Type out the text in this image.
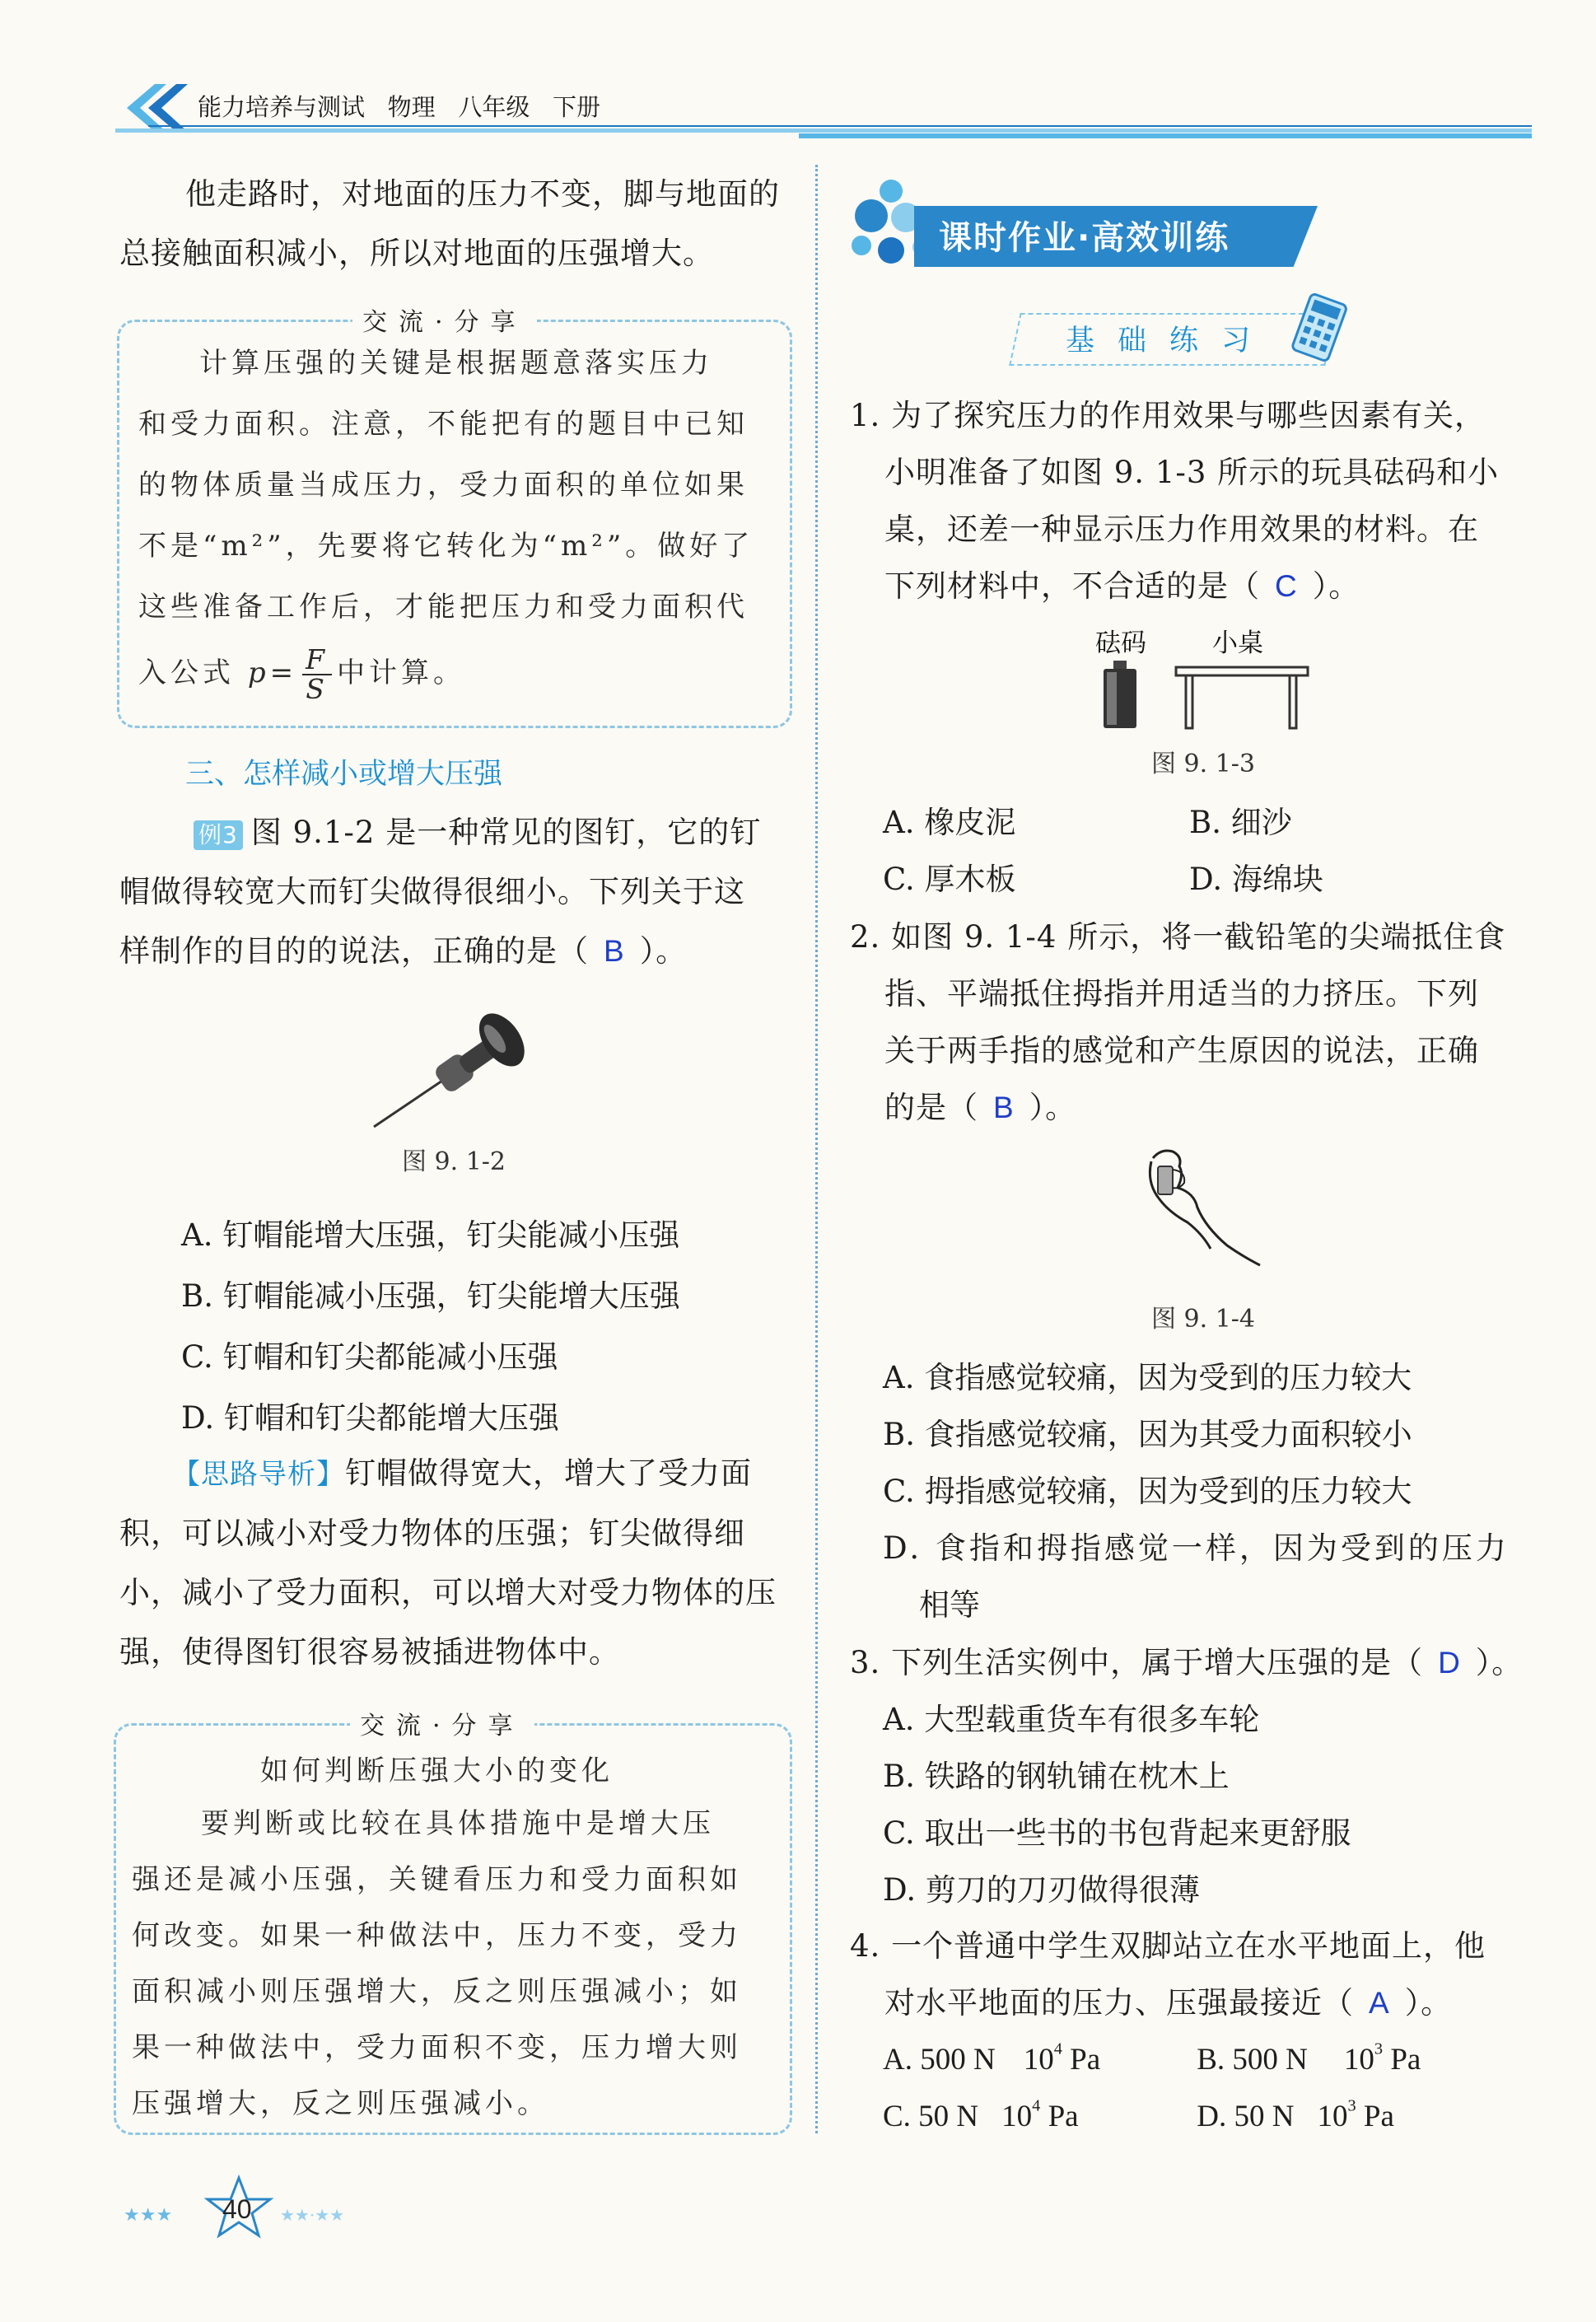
能力培养与测试 物理 八年级 下册
他走路时，对地面的压力不变，脚与地面的
总接触面积减小，所以对地面的压强增大。
交流·分享
计算压强的关键是根据题意落实压力
和受力面积。注意，不能把有的题目中已知
的物体质量当成压力，受力面积的单位如果
不是“m²”，先要将它转化为“m²”。做好了
这些准备工作后，才能把压力和受力面积代
入公式 $p= \frac{F}{S}$ 中计算。
三、怎样减小或增大压强
例3 图 9.1-2 是一种常见的图钉，它的钉
帽做得较宽大而钉尖做得很细小。下列关于这
样制作的目的的说法，正确的是（ B ）。
图 9. 1-2
A. 钉帽能增大压强，钉尖能减小压强
B. 钉帽能减小压强，钉尖能增大压强
C. 钉帽和钉尖都能减小压强
D. 钉帽和钉尖都能增大压强
【思路导析】钉帽做得宽大，增大了受力面
积，可以减小对受力物体的压强；钉尖做得细
小，减小了受力面积，可以增大对受力物体的压
强，使得图钉很容易被插进物体中。
交流·分享
如何判断压强大小的变化
要判断或比较在具体措施中是增大压
强还是减小压强，关键看压力和受力面积如
何改变。如果一种做法中，压力不变，受力
面积减小则压强增大，反之则压强减小；如
果一种做法中，受力面积不变，压力增大则
压强增大，反之则压强减小。
★★★	★★·★★
40
课时作业·高效训练
基础练习
1. 为了探究压力的作用效果与哪些因素有关，
小明准备了如图 9. 1-3 所示的玩具砝码和小
桌，还差一种显示压力作用效果的材料。在
下列材料中，不合适的是（ C ）。
砝码	小桌
图 9. 1-3
A. 橡皮泥	B. 细沙
C. 厚木板	D. 海绵块
2. 如图 9. 1-4 所示，将一截铅笔的尖端抵住食
指、平端抵住拇指并用适当的力挤压。下列
关于两手指的感觉和产生原因的说法，正确
的是（ B ）。
图 9. 1-4
A. 食指感觉较痛，因为受到的压力较大
B. 食指感觉较痛，因为其受力面积较小
C. 拇指感觉较痛，因为受到的压力较大
D. 食指和拇指感觉一样，因为受到的压力
相等
3. 下列生活实例中，属于增大压强的是（ D ）。
A. 大型载重货车有很多车轮
B. 铁路的钢轨铺在枕木上
C. 取出一些书的书包背起来更舒服
D. 剪刀的刀刃做得很薄
4. 一个普通中学生双脚站立在水平地面上，他
对水平地面的压力、压强最接近（ A ）。
A. 500 N $10^4$ Pa	B. 500 N $10^3$ Pa
C. 50 N $10^4$ Pa	D. 50 N $10^3$ Pa
